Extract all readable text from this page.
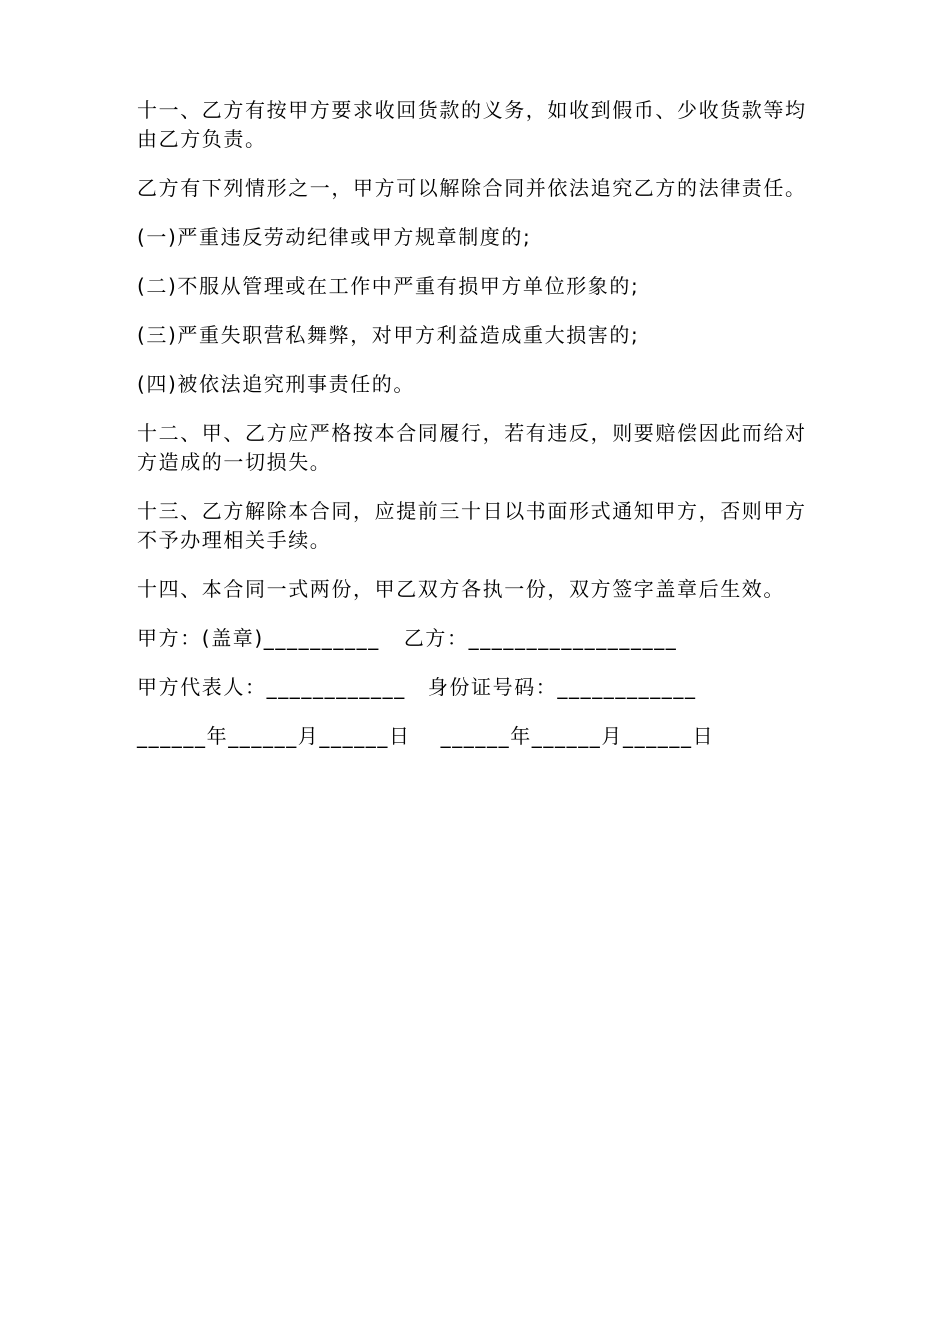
十一、乙方有按甲方要求收回货款的义务，如收到假币、少收货款等均由乙方负责。

乙方有下列情形之一，甲方可以解除合同并依法追究乙方的法律责任。

(一)严重违反劳动纪律或甲方规章制度的;

(二)不服从管理或在工作中严重有损甲方单位形象的;

(三)严重失职营私舞弊，对甲方利益造成重大损害的;

(四)被依法追究刑事责任的。

十二、甲、乙方应严格按本合同履行，若有违反，则要赔偿因此而给对方造成的一切损失。

十三、乙方解除本合同，应提前三十日以书面形式通知甲方，否则甲方不予办理相关手续。

十四、本合同一式两份，甲乙双方各执一份，双方签字盖章后生效。

甲方：(盖章)__________ 乙方：__________________
甲方代表人：____________ 身份证号码：____________
______年______月______日 ______年______月______日
